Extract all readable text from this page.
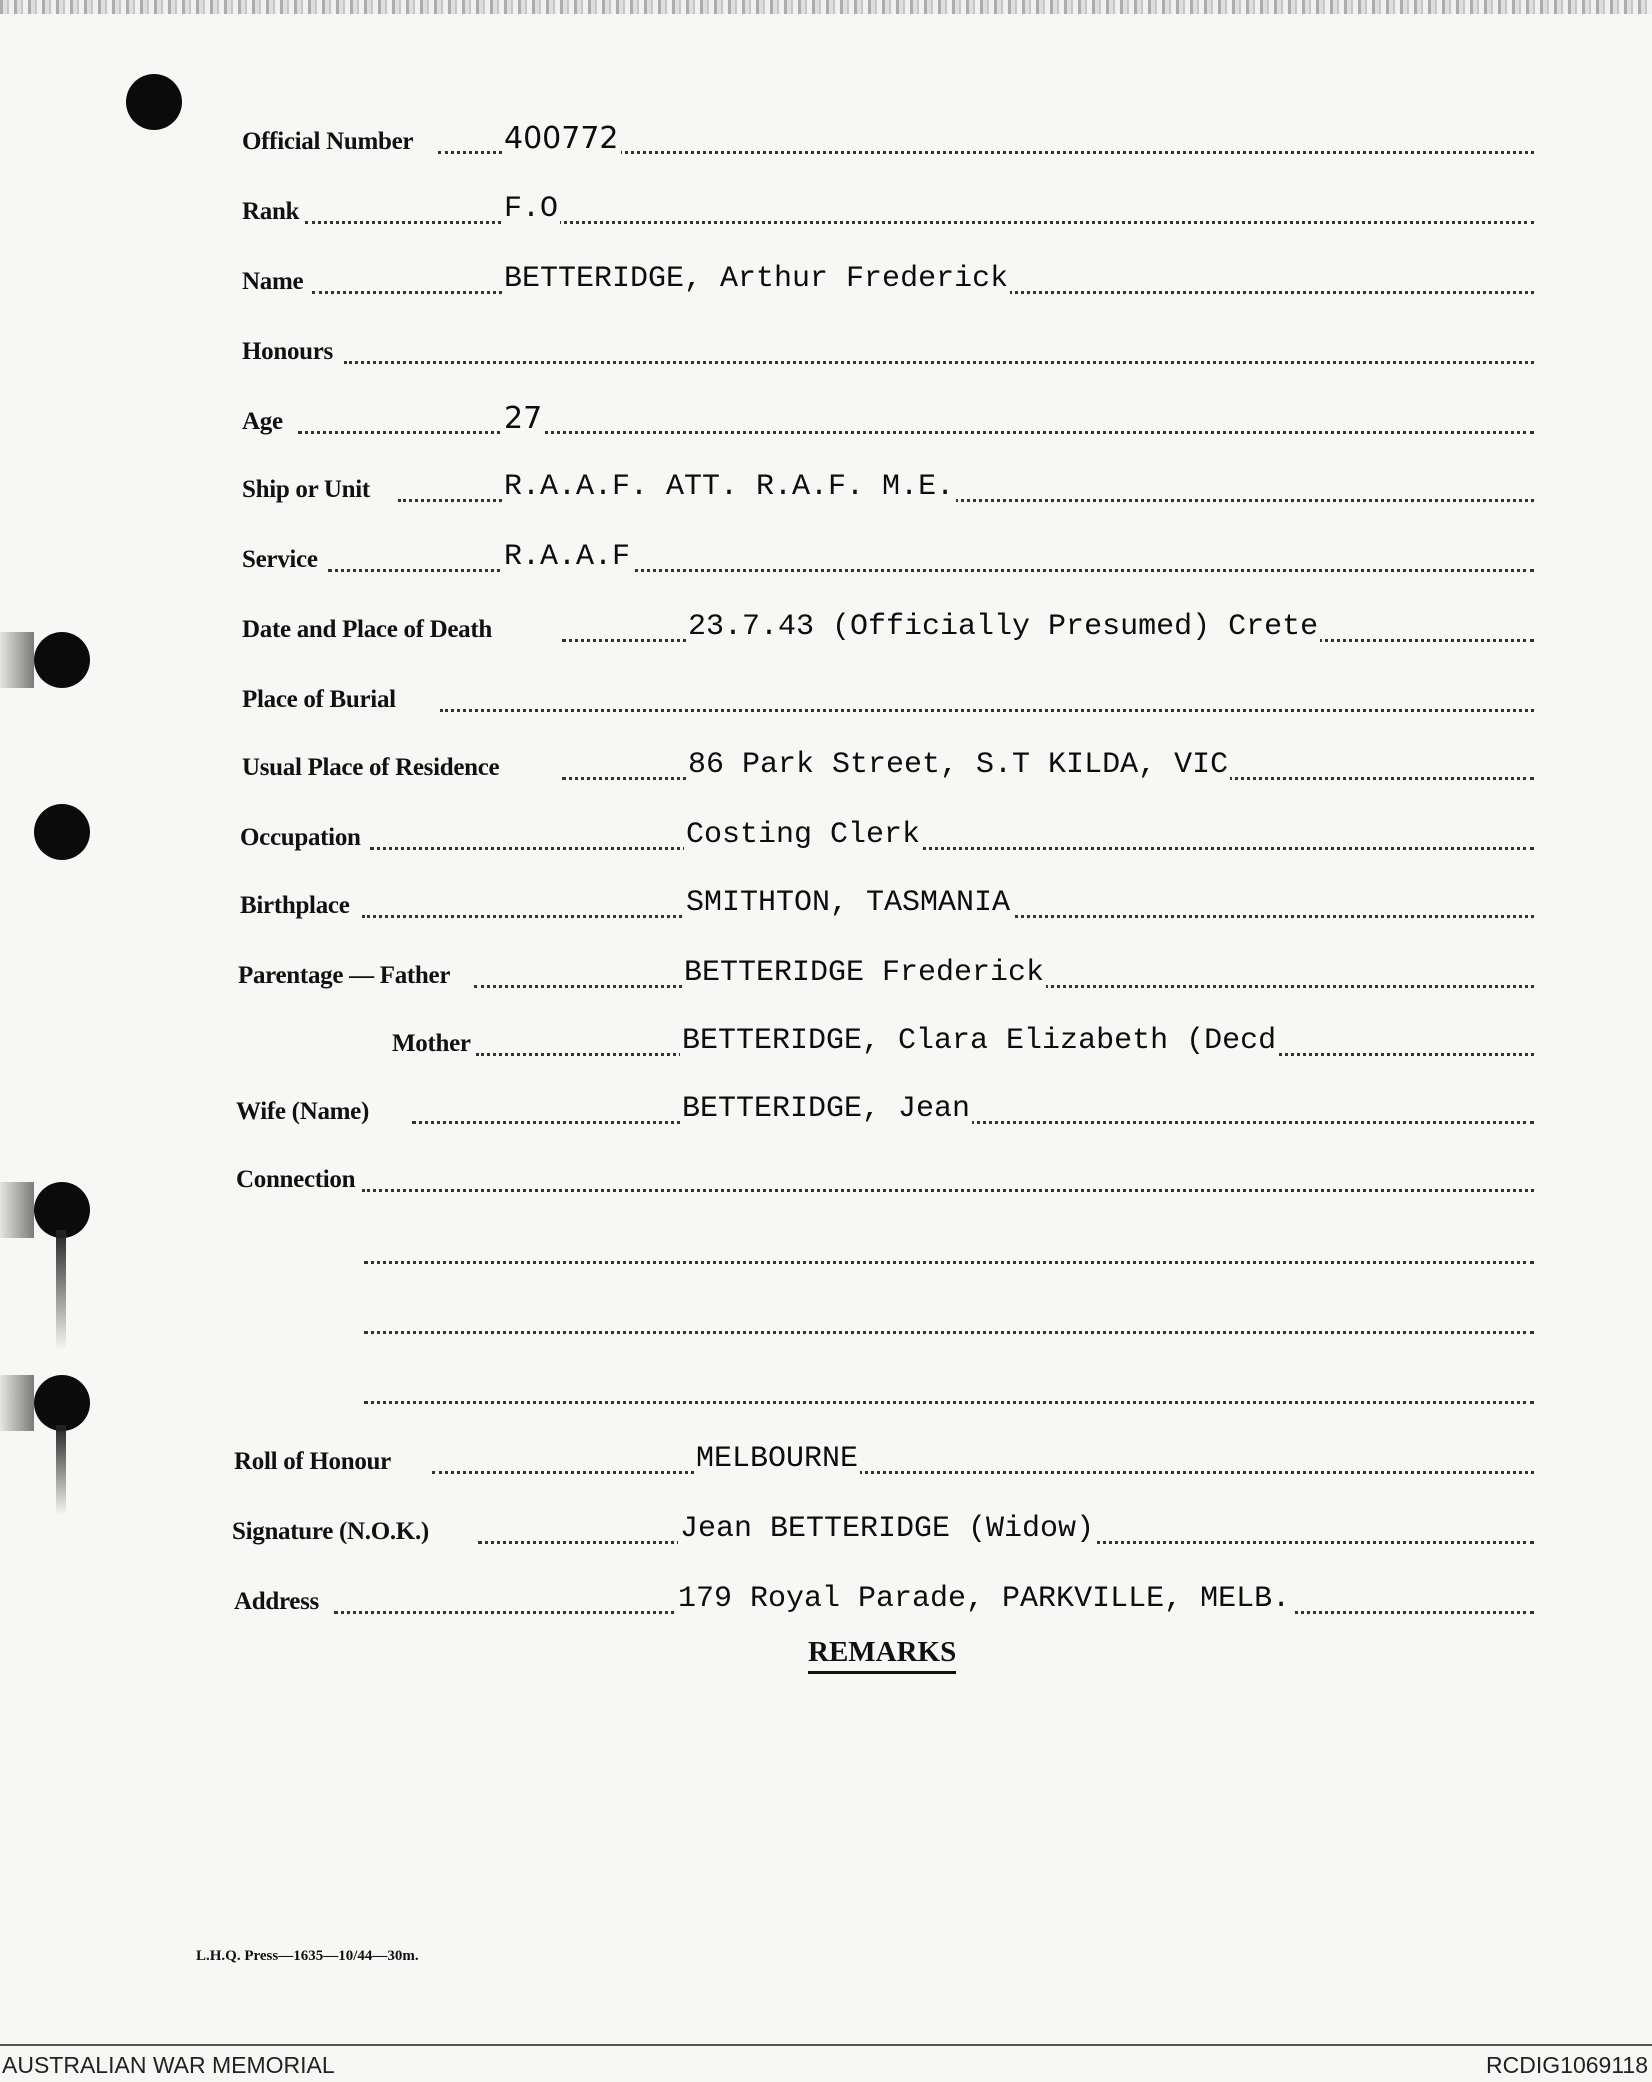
Official Number	400772
Rank	F.O
Name	BETTERIDGE, Arthur Frederick
Honours
Age	27
Ship or Unit	R.A.A.F. ATT. R.A.F. M.E.
Service	R.A.A.F
Date and Place of Death	23.7.43 (Officially Presumed) Crete
Place of Burial
Usual Place of Residence	86 Park Street, S.T KILDA, VIC
Occupation	Costing Clerk
Birthplace	SMITHTON, TASMANIA
Parentage — Father	BETTERIDGE Frederick
Mother	BETTERIDGE, Clara Elizabeth (Decd
Wife (Name)	BETTERIDGE, Jean
Connection
Roll of Honour	MELBOURNE
Signature (N.O.K.)	Jean BETTERIDGE (Widow)
Address	179 Royal Parade, PARKVILLE, MELB.
REMARKS
L.H.Q. Press—1635—10/44—30m.
AUSTRALIAN WAR MEMORIAL	RCDIG1069118
